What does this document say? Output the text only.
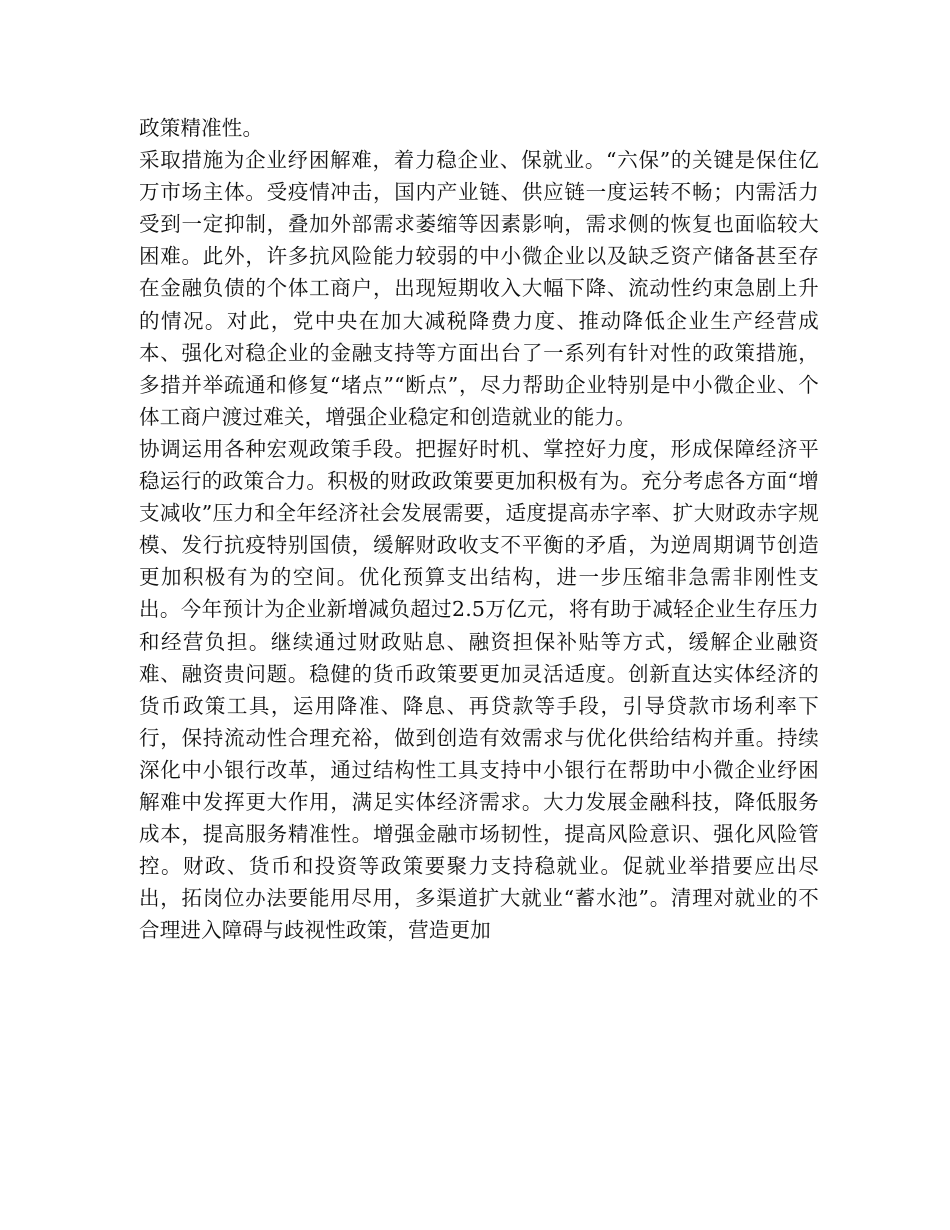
政策精准性。

采取措施为企业纾困解难，着力稳企业、保就业。“六保”的关键是保住亿万市场主体。受疫情冲击，国内产业链、供应链一度运转不畅；内需活力受到一定抑制，叠加外部需求萎缩等因素影响，需求侧的恢复也面临较大困难。此外，许多抗风险能力较弱的中小微企业以及缺乏资产储备甚至存在金融负债的个体工商户，出现短期收入大幅下降、流动性约束急剧上升的情况。对此，党中央在加大减税降费力度、推动降低企业生产经营成本、强化对稳企业的金融支持等方面出台了一系列有针对性的政策措施，多措并举疏通和修复“堵点”“断点”，尽力帮助企业特别是中小微企业、个体工商户渡过难关，增强企业稳定和创造就业的能力。

协调运用各种宏观政策手段。把握好时机、掌控好力度，形成保障经济平稳运行的政策合力。积极的财政政策要更加积极有为。充分考虑各方面“增支减收”压力和全年经济社会发展需要，适度提高赤字率、扩大财政赤字规模、发行抗疫特别国债，缓解财政收支不平衡的矛盾，为逆周期调节创造更加积极有为的空间。优化预算支出结构，进一步压缩非急需非刚性支出。今年预计为企业新增减负超过2.5万亿元，将有助于减轻企业生存压力和经营负担。继续通过财政贴息、融资担保补贴等方式，缓解企业融资难、融资贵问题。稳健的货币政策要更加灵活适度。创新直达实体经济的货币政策工具，运用降准、降息、再贷款等手段，引导贷款市场利率下行，保持流动性合理充裕，做到创造有效需求与优化供给结构并重。持续深化中小银行改革，通过结构性工具支持中小银行在帮助中小微企业纾困解难中发挥更大作用，满足实体经济需求。大力发展金融科技，降低服务成本，提高服务精准性。增强金融市场韧性，提高风险意识、强化风险管控。财政、货币和投资等政策要聚力支持稳就业。促就业举措要应出尽出，拓岗位办法要能用尽用，多渠道扩大就业“蓄水池”。清理对就业的不合理进入障碍与歧视性政策，营造更加
